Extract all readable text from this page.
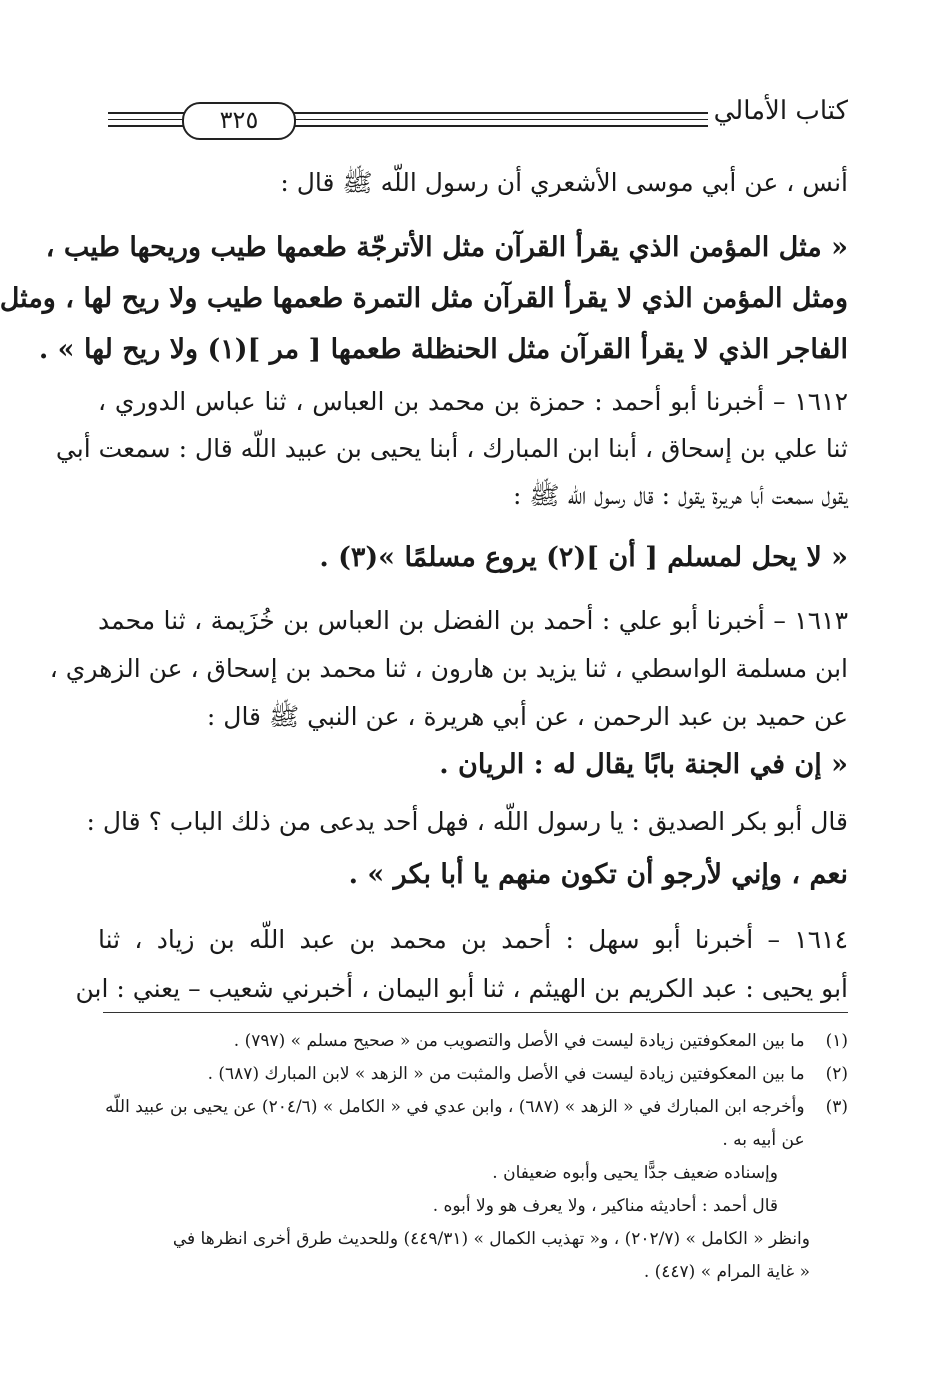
كتاب الأمالي
٣٢٥

أنس ، عن أبي موسى الأشعري أن رسول اللّه ﷺ قال :

« مثل المؤمن الذي يقرأ القرآن مثل الأترجّة طعمها طيب وريحها طيب ،
ومثل المؤمن الذي لا يقرأ القرآن مثل التمرة طعمها طيب ولا ريح لها ، ومثل
الفاجر الذي لا يقرأ القرآن مثل الحنظلة طعمها [ مر ](١) ولا ريح لها » .

١٦١٢ – أخبرنا أبو أحمد : حمزة بن محمد بن العباس ، ثنا عباس الدوري ،
ثنا علي بن إسحاق ، أبنا ابن المبارك ، أبنا يحيى بن عبيد اللّه قال : سمعت أبي
يقول سمعت أبا هريرة يقول : قال رسول اللّه ﷺ :

« لا يحل لمسلم [ أن ](٢) يروع مسلمًا »(٣) .

١٦١٣ – أخبرنا أبو علي : أحمد بن الفضل بن العباس بن خُزَيمة ، ثنا محمد
ابن مسلمة الواسطي ، ثنا يزيد بن هارون ، ثنا محمد بن إسحاق ، عن الزهري ،
عن حميد بن عبد الرحمن ، عن أبي هريرة ، عن النبي ﷺ قال :

« إن في الجنة بابًا يقال له : الريان .

قال أبو بكر الصديق : يا رسول اللّه ، فهل أحد يدعى من ذلك الباب ؟ قال :

نعم ، وإني لأرجو أن تكون منهم يا أبا بكر » .

١٦١٤ – أخبرنا أبو سهل : أحمد بن محمد بن عبد اللّه بن زياد ، ثنا
أبو يحيى : عبد الكريم بن الهيثم ، ثنا أبو اليمان ، أخبرني شعيب – يعني : ابن

(١) ما بين المعكوفتين زيادة ليست في الأصل والتصويب من « صحيح مسلم » (٧٩٧) .
(٢) ما بين المعكوفتين زيادة ليست في الأصل والمثبت من « الزهد » لابن المبارك (٦٨٧) .
(٣) وأخرجه ابن المبارك في « الزهد » (٦٨٧) ، وابن عدي في « الكامل » (٢٠٤/٦) عن يحيى بن عبيد اللّه
عن أبيه به .
وإسناده ضعيف جدًّا يحيى وأبوه ضعيفان .
قال أحمد : أحاديثه مناكير ، ولا يعرف هو ولا أبوه .
وانظر « الكامل » (٢٠٢/٧) ، و« تهذيب الكمال » (٤٤٩/٣١) وللحديث طرق أخرى انظرها في
« غاية المرام » (٤٤٧) .
